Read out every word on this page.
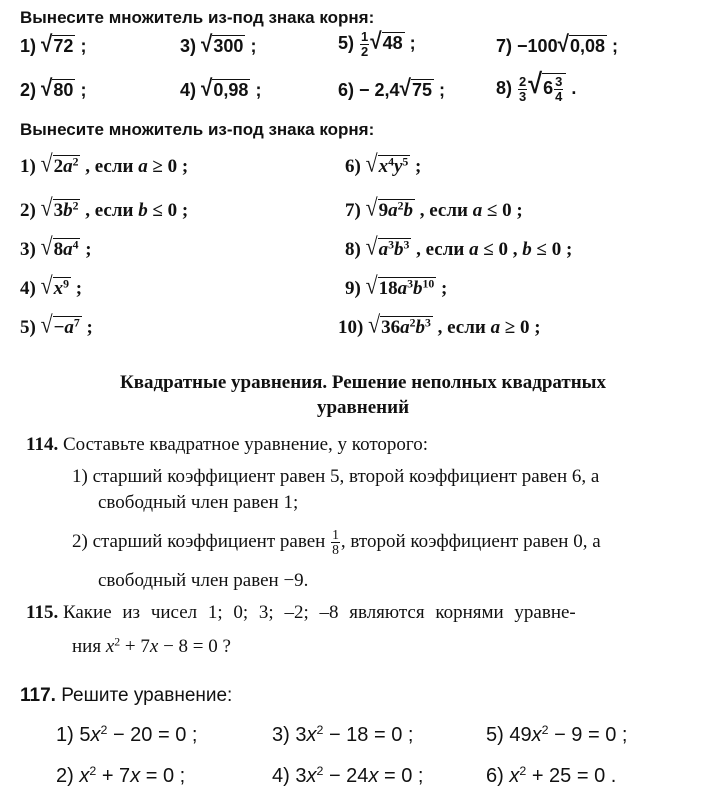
Вынесите множитель из-под знака корня:
1) √72 ;	3) √300 ;	$5) \frac{1}{2} √48$ ;	7) −100√0,08 ;
2) √80 ;	4) √0,98 ;	6) − 2,4√75 ;	$8) \frac{2}{3} √6 \frac{3}{4}$ .
Вынесите множитель из-под знака корня:
1) $√2a^2$ , если a ≥ 0 ;
2) $√3b^2$ , если b ≤ 0 ;
3) $√8a^4$ ;
4) $√x^9$ ;
5) $√-a^7$ ;
6) $√x^4y^5$ ;
7) $√9a^2b$ , если a ≤ 0 ;
8) $√a^3b^3$ , если a ≤ 0 , b ≤ 0 ;
9) $√18a^3b^{10}$ ;
10) $√36a^2b^3$ , если a ≥ 0 ;
Квадратные уравнения. Решение неполных квадратных
уравнений
114. Составьте квадратное уравнение, у которого:
1) старший коэффициент равен 5, второй коэффициент равен 6, а
свободный член равен 1;
2) старший коэффициент равен $\frac{1}{8}$ , второй коэффициент равен 0, а
свободный член равен −9.
115. Какие из чисел 1; 0; 3; –2; –8 являются корнями уравне-
ния $x^2 + 7x - 8 = 0$ ?
117. Решите уравнение:
1) $5x^2 - 20 = 0$ ;	3) $3x^2 - 18 = 0$ ;	5) $49x^2 - 9 = 0$ ;
2) $x^2 + 7x = 0$ ;	4) $3x^2 - 24x = 0$ ;	6) $x^2 + 25 = 0$ .
